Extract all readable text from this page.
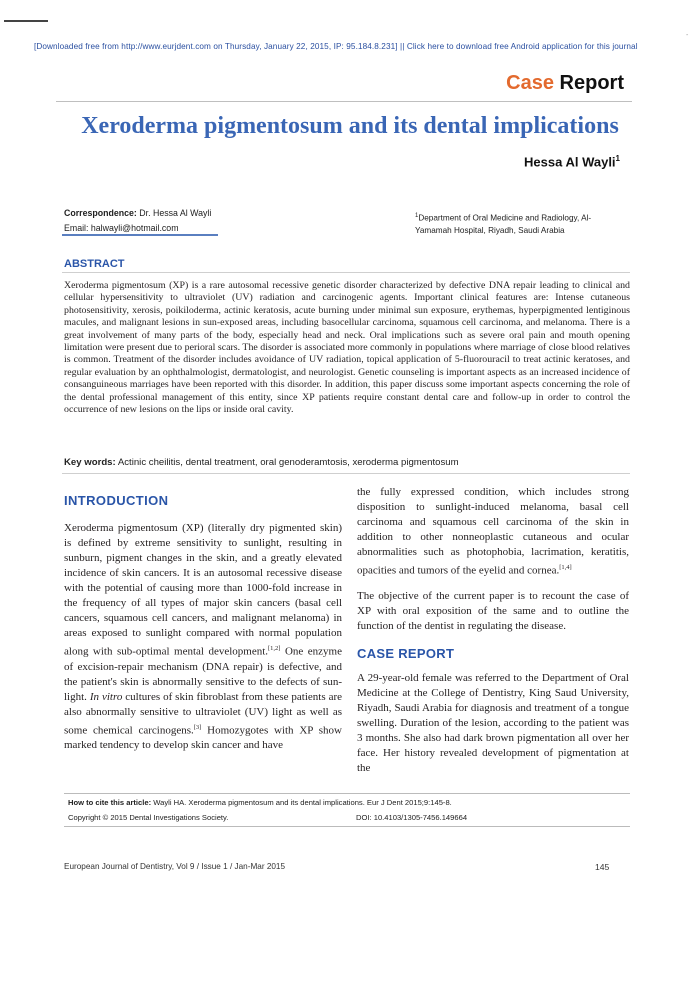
[Downloaded free from http://www.eurjdent.com on Thursday, January 22, 2015, IP: 95.184.8.231] || Click here to download free Android application for this journal
-
Case Report
Xeroderma pigmentosum and its dental implications
Hessa Al Wayli$^1$
Correspondence: Dr. Hessa Al Wayli
Email: halwayli@hotmail.com
$^1$Department of Oral Medicine and Radiology, Al-Yamamah Hospital, Riyadh, Saudi Arabia
ABSTRACT
Xeroderma pigmentosum (XP) is a rare autosomal recessive genetic disorder characterized by defective DNA repair leading to clinical and cellular hypersensitivity to ultraviolet (UV) radiation and carcinogenic agents. Important clinical features are: Intense cutaneous photosensitivity, xerosis, poikiloderma, actinic keratosis, acute burning under minimal sun exposure, erythemas, hyperpigmented lentiginous macules, and malignant lesions in sun-exposed areas, including basocellular carcinoma, squamous cell carcinoma, and melanoma. There is a great involvement of many parts of the body, especially head and neck. Oral implications such as severe oral pain and mouth opening limitation were present due to perioral scars. The disorder is associated more commonly in populations where marriage of close blood relatives is common. Treatment of the disorder includes avoidance of UV radiation, topical application of 5-fluorouracil to treat actinic keratoses, and regular evaluation by an ophthalmologist, dermatologist, and neurologist. Genetic counseling is important aspects as an increased incidence of consanguineous marriages have been reported with this disorder. In addition, this paper discuss some important aspects concerning the role of the dental professional management of this entity, since XP patients require constant dental care and follow-up in order to control the occurrence of new lesions on the lips or inside oral cavity.
Key words: Actinic cheilitis, dental treatment, oral genoderamtosis, xeroderma pigmentosum
INTRODUCTION

Xeroderma pigmentosum (XP) (literally dry pigmented skin) is defined by extreme sensitivity to sunlight, resulting in sunburn, pigment changes in the skin, and a greatly elevated incidence of skin cancers. It is an autosomal recessive disease with the potential of causing more than 1000-fold increase in the frequency of all types of major skin cancers (basal cell cancers, squamous cell cancers, and malignant melanoma) in areas exposed to sunlight compared with normal population along with sub-optimal mental development.[1,2] One enzyme of excision-repair mechanism (DNA repair) is defective, and the patient's skin is abnormally sensitive to the defects of sun-light. In vitro cultures of skin fibroblast from these patients are also abnormally sensitive to ultraviolet (UV) light as well as some chemical carcinogens.[3] Homozygotes with XP show marked tendency to develop skin cancer and have

the fully expressed condition, which includes strong disposition to sunlight-induced melanoma, basal cell carcinoma and squamous cell carcinoma of the skin in addition to other nonneoplastic cutaneous and ocular abnormalities such as photophobia, lacrimation, keratitis, opacities and tumors of the eyelid and cornea.[1,4]

The objective of the current paper is to recount the case of XP with oral exposition of the same and to outline the function of the dentist in regulating the disease.

CASE REPORT

A 29-year-old female was referred to the Department of Oral Medicine at the College of Dentistry, King Saud University, Riyadh, Saudi Arabia for diagnosis and treatment of a tongue swelling. Duration of the lesion, according to the patient was 3 months. She also had dark brown pigmentation all over her face. Her history revealed development of pigmentation at the

How to cite this article: Wayli HA. Xeroderma pigmentosum and its dental implications. Eur J Dent 2015;9:145-8.
Copyright © 2015 Dental Investigations Society.	DOI: 10.4103/1305-7456.149664
European Journal of Dentistry, Vol 9 / Issue 1 / Jan-Mar 2015	145
